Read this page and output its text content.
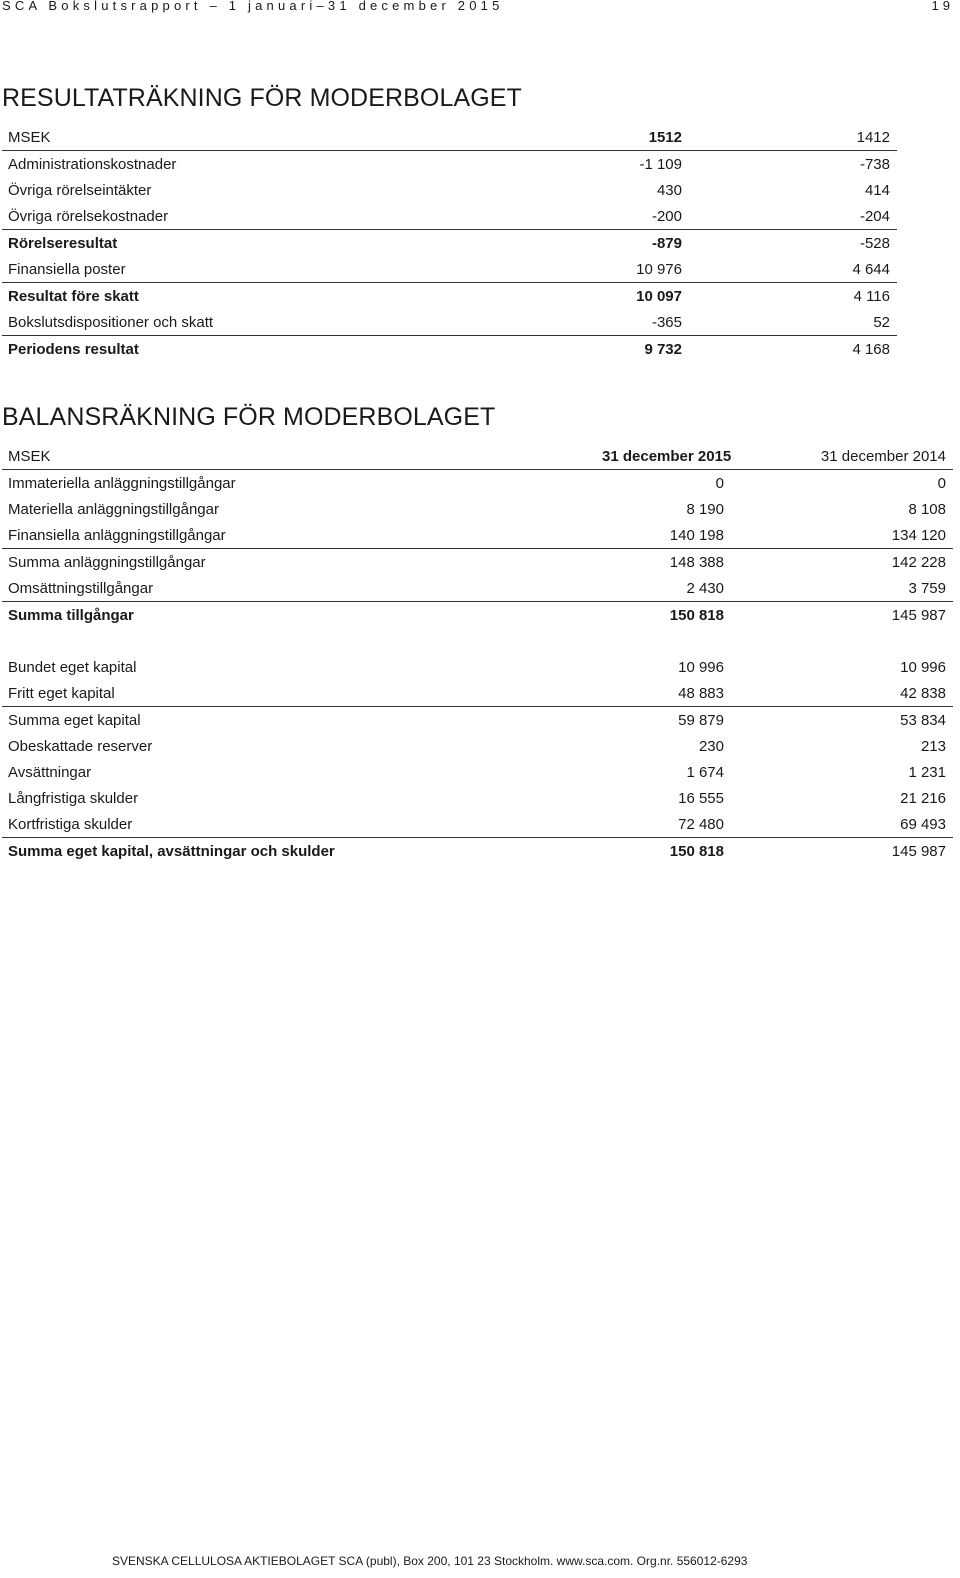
SCA Bokslutsrapport – 1 januari–31 december 2015	19
RESULTATRÄKNING FÖR MODERBOLAGET
MSEK	1512	1412
Administrationskostnader	-1 109	-738
Övriga rörelseintäkter	430	414
Övriga rörelsekostnader	-200	-204
Rörelseresultat	-879	-528
Finansiella poster	10 976	4 644
Resultat före skatt	10 097	4 116
Bokslutsdispositioner och skatt	-365	52
Periodens resultat	9 732	4 168
BALANSRÄKNING FÖR MODERBOLAGET
MSEK	31 december 2015	31 december 2014
Immateriella anläggningstillgångar	0	0
Materiella anläggningstillgångar	8 190	8 108
Finansiella anläggningstillgångar	140 198	134 120
Summa anläggningstillgångar	148 388	142 228
Omsättningstillgångar	2 430	3 759
Summa tillgångar	150 818	145 987

Bundet eget kapital	10 996	10 996
Fritt eget kapital	48 883	42 838
Summa eget kapital	59 879	53 834
Obeskattade reserver	230	213
Avsättningar	1 674	1 231
Långfristiga skulder	16 555	21 216
Kortfristiga skulder	72 480	69 493
Summa eget kapital, avsättningar och skulder	150 818	145 987
SVENSKA CELLULOSA AKTIEBOLAGET SCA (publ), Box 200, 101 23 Stockholm. www.sca.com. Org.nr. 556012-6293
